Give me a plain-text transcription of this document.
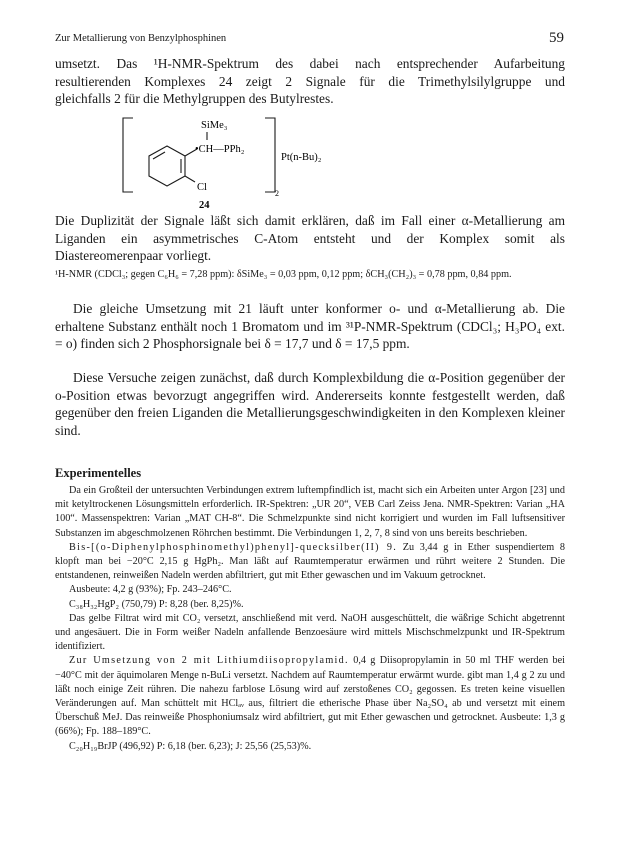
Zur Metallierung von Benzylphosphinen	59
umsetzt. Das ¹H-NMR-Spektrum des dabei nach entsprechender Aufarbeitung
resultierenden Komplexes 24 zeigt 2 Signale für die Trimethylsilylgruppe und
gleichfalls 2 für die Methylgruppen des Butylrestes.
SiMe₃
•CH—PPh₂
Cl
Pt(n-Bu)₂
2
24

Die Duplizität der Signale läßt sich damit erklären, daß im Fall einer α-Metallierung am Liganden ein asymmetrisches C-Atom entsteht und der Komplex somit als Diastereomerenpaar vorliegt.

¹H-NMR (CDCl₃; gegen C₆H₆ = 7,28 ppm): δSiMe₃ = 0,03 ppm, 0,12 ppm; δCH₃(CH₂)₃ = 0,78 ppm, 0,84 ppm.

Die gleiche Umsetzung mit 21 läuft unter konformer o- und α-Metallierung ab. Die erhaltene Substanz enthält noch 1 Bromatom und im ³¹P-NMR-Spektrum (CDCl₃; H₃PO₄ ext. = o) finden sich 2 Phosphorsignale bei δ = 17,7 und δ = 17,5 ppm.

Diese Versuche zeigen zunächst, daß durch Komplexbildung die α-Position gegenüber der o-Position etwas bevorzugt angegriffen wird. Andererseits konnte festgestellt werden, daß gegenüber den freien Liganden die Metallierungsgeschwindigkeiten in den Komplexen kleiner sind.

Experimentelles

Da ein Großteil der untersuchten Verbindungen extrem luftempfindlich ist, macht sich ein Arbeiten unter Argon [23] und mit ketyltrockenen Lösungsmitteln erforderlich. IR-Spektren: „UR 20“, VEB Carl Zeiss Jena. NMR-Spektren: Varian „HA 100“. Massenspektren: Varian „MAT CH-8“. Die Schmelzpunkte sind nicht korrigiert und wurden im Fall luftsensitiver Substanzen im abgeschmolzenen Röhrchen bestimmt. Die Verbindungen 1, 2, 7, 8 sind von uns bereits beschrieben.

Bis-[(o-Diphenylphosphinomethyl)phenyl]-quecksilber(II) 9. Zu 3,44 g in Ether suspendiertem 8 klopft man bei −20°C 2,15 g HgPh₂. Man läßt auf Raumtemperatur erwärmen und rührt weitere 2 Stunden. Die entstandenen, reinweißen Nadeln werden abfiltriert, gut mit Ether gewaschen und im Vakuum getrocknet.

Ausbeute: 4,2 g (93%); Fp. 243–246°C.

C₃₈H₃₂HgP₂ (750,79) P: 8,28 (ber. 8,25)%.

Das gelbe Filtrat wird mit CO₂ versetzt, anschließend mit verd. NaOH ausgeschüttelt, die wäßrige Schicht abgetrennt und angesäuert. Die in Form weißer Nadeln anfallende Benzoesäure wird mittels Mischschmelzpunkt und IR-Spektrum identifiziert.

Zur Umsetzung von 2 mit Lithiumdiisopropylamid. 0,4 g Diisopropylamin in 50 ml THF werden bei −40°C mit der äquimolaren Menge n-BuLi versetzt. Nachdem auf Raumtemperatur erwärmt wurde. gibt man 1,4 g 2 zu und läßt noch einige Zeit rühren. Die nahezu farblose Lösung wird auf zerstoßenes CO₂ gegossen. Es treten keine visuellen Veränderungen auf. Man schüttelt mit HClₐᵥ aus, filtriert die etherische Phase über Na₂SO₄ ab und versetzt mit einem Überschuß MeJ. Das reinweiße Phosphoniumsalz wird abfiltriert, gut mit Ether gewaschen und getrocknet. Ausbeute: 1,3 g (66%); Fp. 188–189°C.

C₂₀H₁₉BrJP (496,92) P: 6,18 (ber. 6,23); J: 25,56 (25,53)%.
